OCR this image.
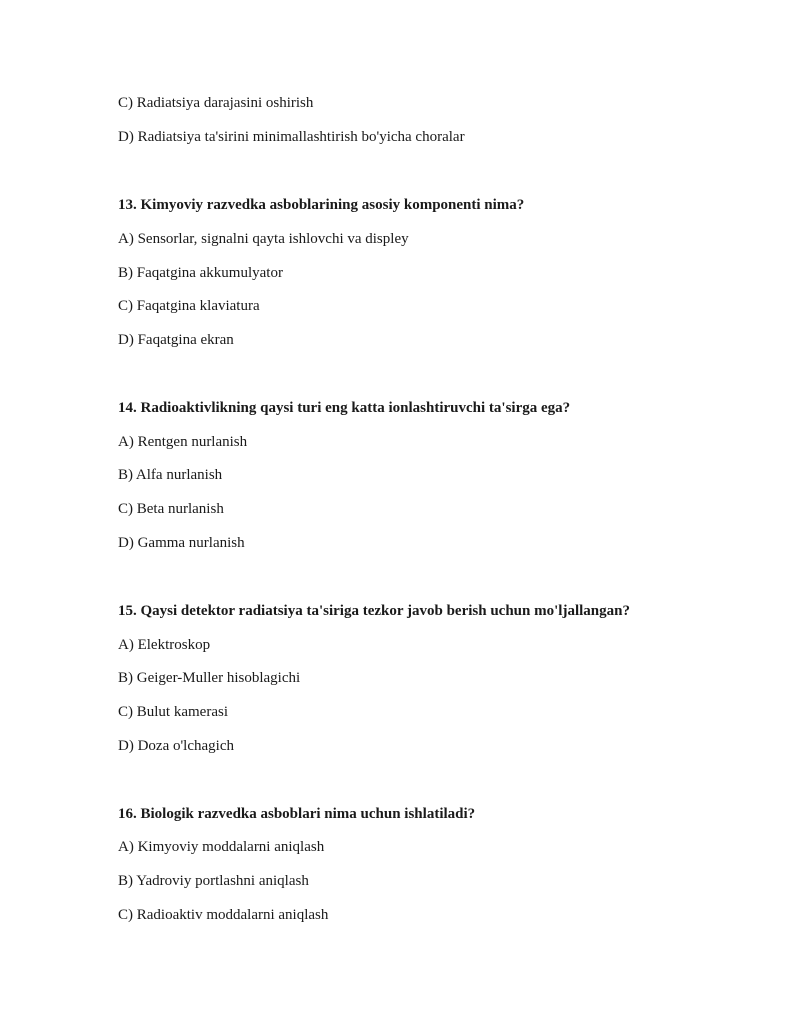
C) Radiatsiya darajasini oshirish
D) Radiatsiya ta'sirini minimallashtirish bo'yicha choralar
13. Kimyoviy razvedka asboblarining asosiy komponenti nima?
A) Sensorlar, signalni qayta ishlovchi va displey
B) Faqatgina akkumulyator
C) Faqatgina klaviatura
D) Faqatgina ekran
14. Radioaktivlikning qaysi turi eng katta ionlashtiruvchi ta'sirga ega?
A) Rentgen nurlanish
B) Alfa nurlanish
C) Beta nurlanish
D) Gamma nurlanish
15. Qaysi detektor radiatsiya ta'siriga tezkor javob berish uchun mo'ljallangan?
A) Elektroskop
B) Geiger-Muller hisoblagichi
C) Bulut kamerasi
D) Doza o'lchagich
16. Biologik razvedka asboblari nima uchun ishlatiladi?
A) Kimyoviy moddalarni aniqlash
B) Yadroviy portlashni aniqlash
C) Radioaktiv moddalarni aniqlash
